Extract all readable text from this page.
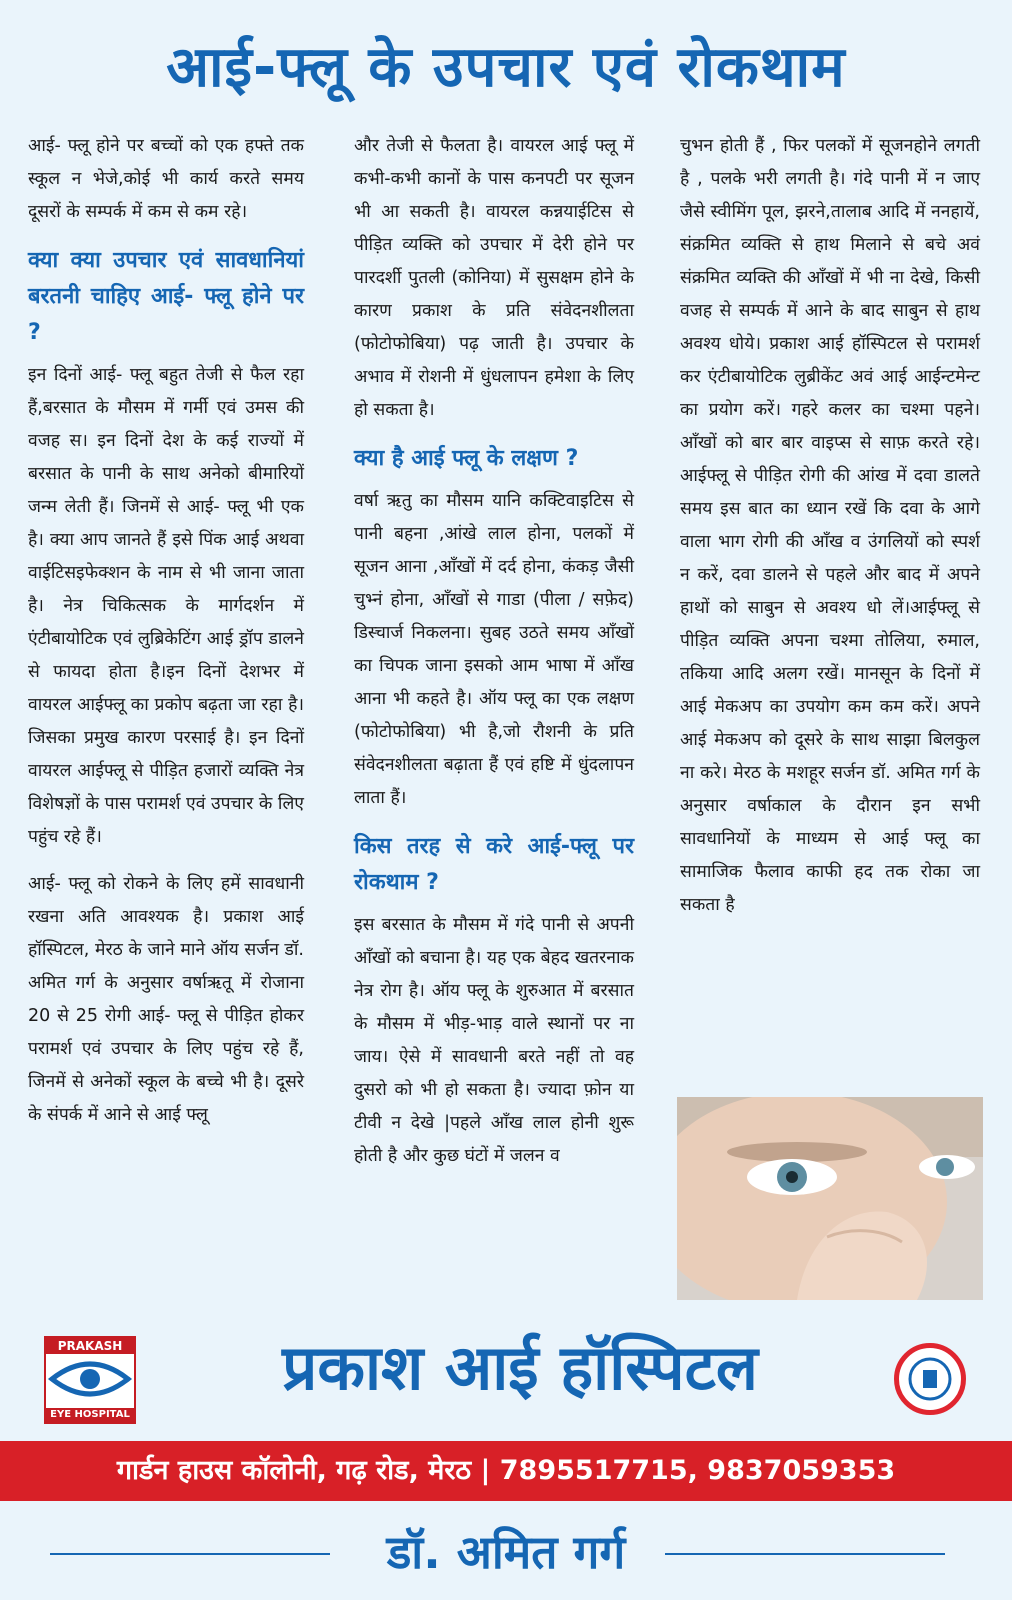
आई-फ्लू के उपचार एवं रोकथाम

आई- फ्लू होने पर बच्चों को एक हफ्ते तक स्कूल न भेजे,कोई भी कार्य करते समय दूसरों के सम्पर्क में कम से कम रहे।

क्या क्या उपचार एवं सावधानियां बरतनी चाहिए आई- फ्लू होने पर ?

इन दिनों आई- फ्लू बहुत तेजी से फैल रहा हैं,बरसात के मौसम में गर्मी एवं उमस की वजह स। इन दिनों देश के कई राज्यों में बरसात के पानी के साथ अनेको बीमारियों जन्म लेती हैं। जिनमें से आई- फ्लू भी एक है। क्या आप जानते हैं इसे पिंक आई अथवा वाईटिसइफेक्शन के नाम से भी जाना जाता है। नेत्र चिकित्सक के मार्गदर्शन में एंटीबायोटिक एवं लुब्रिकेटिंग आई ड्रॉप डालने से फायदा होता है।इन दिनों देशभर में वायरल आईफ्लू का प्रकोप बढ़ता जा रहा है। जिसका प्रमुख कारण परसाई है। इन दिनों वायरल आईफ्लू से पीड़ित हजारों व्यक्ति नेत्र विशेषज्ञों के पास परामर्श एवं उपचार के लिए पहुंच रहे हैं।

आई- फ्लू को रोकने के लिए हमें सावधानी रखना अति आवश्यक है। प्रकाश आई हॉस्पिटल, मेरठ के जाने माने ऑय सर्जन डॉ. अमित गर्ग के अनुसार वर्षाऋतू में रोजाना 20 से 25 रोगी आई- फ्लू से पीड़ित होकर परामर्श एवं उपचार के लिए पहुंच रहे हैं, जिनमें से अनेकों स्कूल के बच्चे भी है। दूसरे के संपर्क में आने से आई फ्लू

और तेजी से फैलता है। वायरल आई फ्लू में कभी-कभी कानों के पास कनपटी पर सूजन भी आ सकती है। वायरल कन्नयाईटिस से पीड़ित व्यक्ति को उपचार में देरी होने पर पारदर्शी पुतली (कोनिया) में सुसक्षम होने के कारण प्रकाश के प्रति संवेदनशीलता (फोटोफोबिया) पढ़ जाती है। उपचार के अभाव में रोशनी में धुंधलापन हमेशा के लिए हो सकता है।

क्या है आई फ्लू के लक्षण ?

वर्षा ऋतु का मौसम यानि कक्टिवाइटिस से पानी बहना ,आंखे लाल होना, पलकों में सूजन आना ,आँखों में दर्द होना, कंकड़ जैसी चुभ्नं होना, आँखों से गाडा (पीला / सफ़ेद) डिस्चार्ज निकलना। सुबह उठते समय आँखों का चिपक जाना इसको आम भाषा में आँख आना भी कहते है। ऑय फ्लू का एक लक्षण (फोटोफोबिया) भी है,जो रौशनी के प्रति संवेदनशीलता बढ़ाता हैं एवं हष्टि में धुंदलापन लाता हैं।

किस तरह से करे आई-फ्लू पर रोकथाम ?

इस बरसात के मौसम में गंदे पानी से अपनी आँखों को बचाना है। यह एक बेहद खतरनाक नेत्र रोग है। ऑय फ्लू के शुरुआत में बरसात के मौसम में भीड़-भाड़ वाले स्थानों पर ना जाय। ऐसे में सावधानी बरते नहीं तो वह दुसरो को भी हो सकता है। ज्यादा फ़ोन या टीवी न देखे |पहले आँख लाल होनी शुरू होती है और कुछ घंटों में जलन व

चुभन होती हैं , फिर पलकों में सूजनहोने लगती है , पलके भरी लगती है। गंदे पानी में न जाए जैसे स्वीमिंग पूल, झरने,तालाब आदि में ननहायें, संक्रमित व्यक्ति से हाथ मिलाने से बचे अवं संक्रमित व्यक्ति की आँखों में भी ना देखे, किसी वजह से सम्पर्क में आने के बाद साबुन से हाथ अवश्य धोये। प्रकाश आई हॉस्पिटल से परामर्श कर एंटीबायोटिक लुब्रीकेंट अवं आई आईन्टमेन्ट का प्रयोग करें। गहरे कलर का चश्मा पहने। आँखों को बार बार वाइप्स से साफ़ करते रहे। आईफ्लू से पीड़ित रोगी की आंख में दवा डालते समय इस बात का ध्यान रखें कि दवा के आगे वाला भाग रोगी की आँख व उंगलियों को स्पर्श न करें, दवा डालने से पहले और बाद में अपने हाथों को साबुन से अवश्य धो लें।आईफ्लू से पीड़ित व्यक्ति अपना चश्मा तोलिया, रुमाल, तकिया आदि अलग रखें। मानसून के दिनों में आई मेकअप का उपयोग कम कम करें। अपने आई मेकअप को दूसरे के साथ साझा बिलकुल ना करे। मेरठ के मशहूर सर्जन डॉ. अमित गर्ग के अनुसार वर्षाकाल के दौरान इन सभी सावधानियों के माध्यम से आई फ्लू का सामाजिक फैलाव काफी हद तक रोका जा सकता है

PRAKASH
EYE HOSPITAL
प्रकाश आई हॉस्पिटल
गार्डन हाउस कॉलोनी, गढ़ रोड, मेरठ | 7895517715, 9837059353
डॉ. अमित गर्ग
